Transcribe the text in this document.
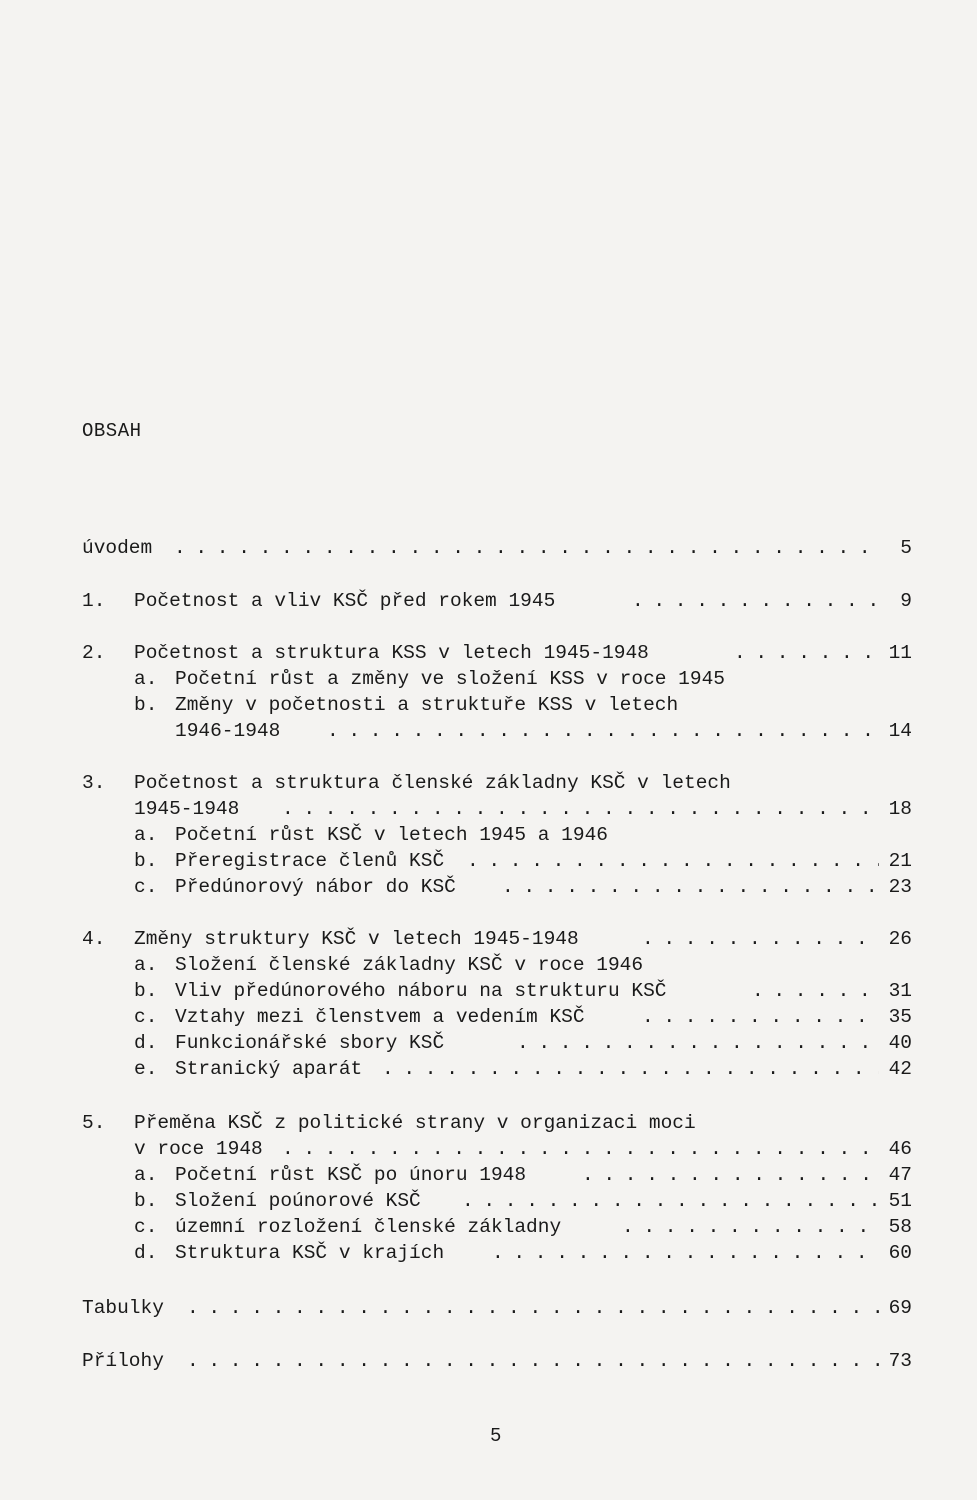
OBSAH
úvodem . . .	5
1. Početnost a vliv KSČ před rokem 1945 . . .	9
2. Početnost a struktura KSS v letech 1945-1948 . . .	11
a. Početní růst a změny ve složení KSS v roce 1945
b. Změny v početnosti a struktuře KSS v letech
1946-1948 . . .	14
3. Početnost a struktura členské základny KSČ v letech
1945-1948 . . .	18
a. Početní růst KSČ v letech 1945 a 1946
b. Přeregistrace členů KSČ . . .	21
c. Předúnorový nábor do KSČ . . .	23
4. Změny struktury KSČ v letech 1945-1948 . . .	26
a. Složení členské základny KSČ v roce 1946
b. Vliv předúnorového náboru na strukturu KSČ . . .	31
c. Vztahy mezi členstvem a vedením KSČ . . .	35
d. Funkcionářské sbory KSČ . . .	40
e. Stranický aparát . . .	42
5. Přeměna KSČ z politické strany v organizaci moci
v roce 1948 . . .	46
a. Početní růst KSČ po únoru 1948 . . .	47
b. Složení poúnorové KSČ . . .	51
c. územní rozložení členské základny . . .	58
d. Struktura KSČ v krajích . . .	60
Tabulky . . .	69
Přílohy . . .	73
5
